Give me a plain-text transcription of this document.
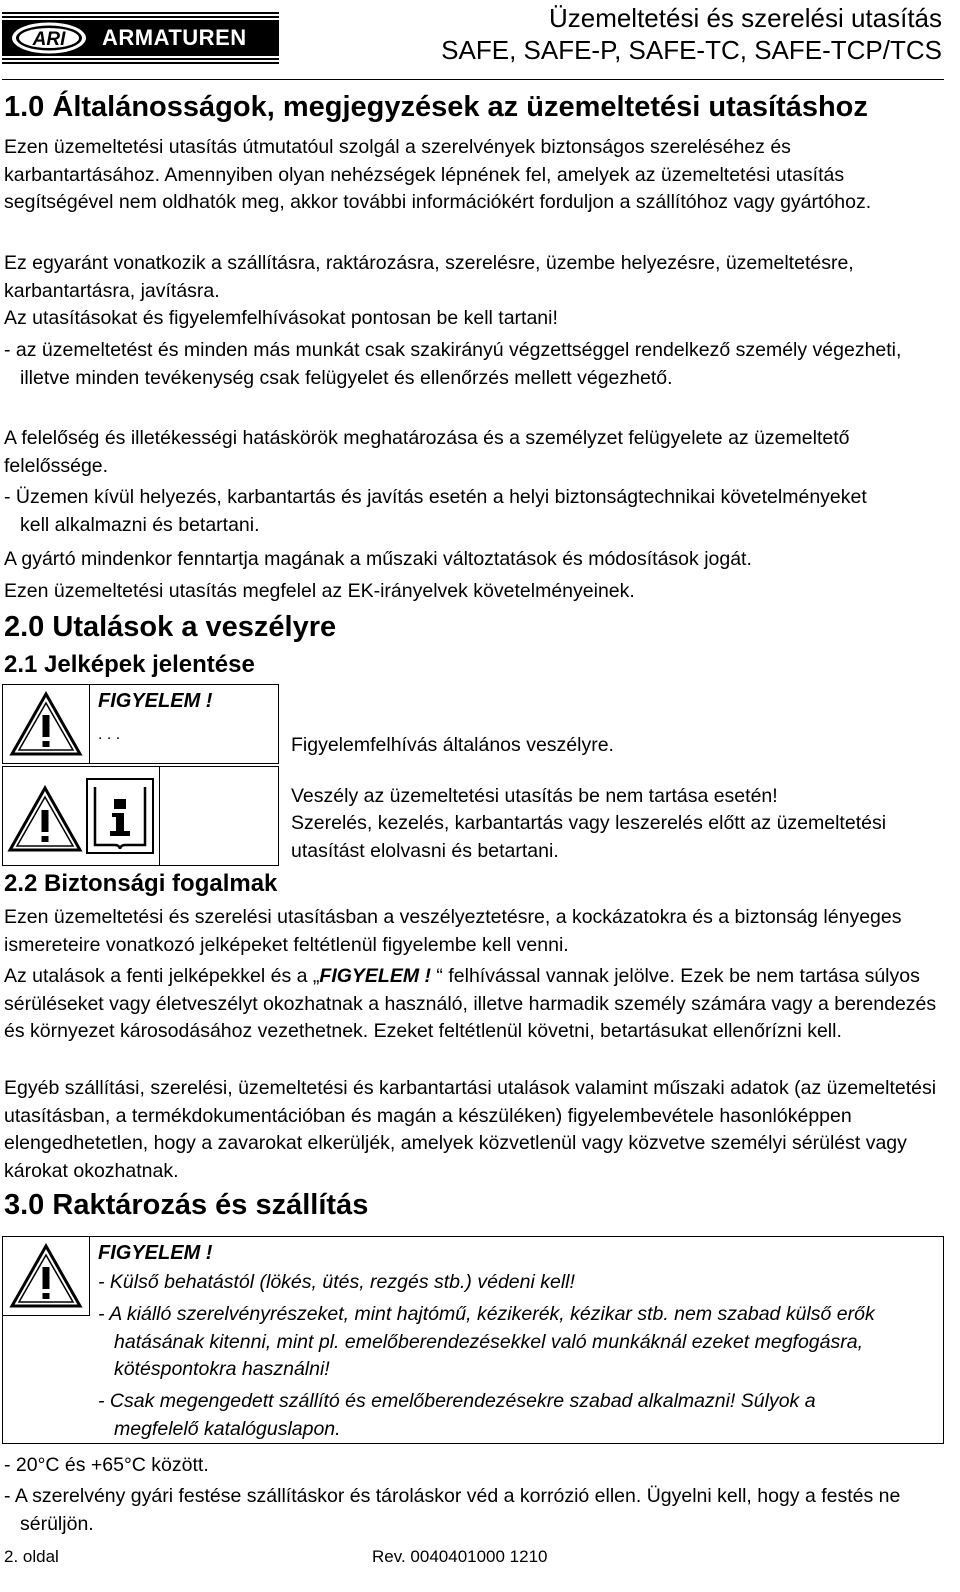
ARI ARMATUREN
Üzemeltetési és szerelési utasítás
SAFE, SAFE-P, SAFE-TC, SAFE-TCP/TCS
1.0 Általánosságok, megjegyzések az üzemeltetési utasításhoz

Ezen üzemeltetési utasítás útmutatóul szolgál a szerelvények biztonságos szereléséhez és karbantartásához. Amennyiben olyan nehézségek lépnének fel, amelyek az üzemeltetési utasítás segítségével nem oldhatók meg, akkor további információkért forduljon a szállítóhoz vagy gyártóhoz.

Ez egyaránt vonatkozik a szállításra, raktározásra, szerelésre, üzembe helyezésre, üzemeltetésre, karbantartásra, javításra.

Az utasításokat és figyelemfelhívásokat pontosan be kell tartani!

- az üzemeltetést és minden más munkát csak szakirányú végzettséggel rendelkező személy végezheti, illetve minden tevékenység csak felügyelet és ellenőrzés mellett végezhető.

A felelőség és illetékességi hatáskörök meghatározása és a személyzet felügyelete az üzemeltető felelőssége.

- Üzemen kívül helyezés, karbantartás és javítás esetén a helyi biztonságtechnikai követelményeket kell alkalmazni és betartani.

A gyártó mindenkor fenntartja magának a műszaki változtatások és módosítások jogát.

Ezen üzemeltetési utasítás megfelel az EK-irányelvek követelményeinek.

2.0 Utalások a veszélyre
2.1 Jelképek jelentése
FIGYELEM !
. . .	Figyelemfelhívás általános veszélyre.
Veszély az üzemeltetési utasítás be nem tartása esetén!
Szerelés, kezelés, karbantartás vagy leszerelés előtt az üzemeltetési utasítást elolvasni és betartani.
2.2 Biztonsági fogalmak

Ezen üzemeltetési és szerelési utasításban a veszélyeztetésre, a kockázatokra és a biztonság lényeges ismereteire vonatkozó jelképeket feltétlenül figyelembe kell venni.

Az utalások a fenti jelképekkel és a „FIGYELEM ! “ felhívással vannak jelölve. Ezek be nem tartása súlyos sérüléseket vagy életveszélyt okozhatnak a használó, illetve harmadik személy számára vagy a berendezés és környezet károsodásához vezethetnek. Ezeket feltétlenül követni, betartásukat ellenőrízni kell.

Egyéb szállítási, szerelési, üzemeltetési és karbantartási utalások valamint műszaki adatok (az üzemeltetési utasításban, a termékdokumentációban és magán a készüléken) figyelembevétele hasonlóképpen elengedhetetlen, hogy a zavarokat elkerüljék, amelyek közvetlenül vagy közvetve személyi sérülést vagy károkat okozhatnak.

3.0 Raktározás és szállítás
FIGYELEM !
- Külső behatástól (lökés, ütés, rezgés stb.) védeni kell!
- A kiálló szerelvényrészeket, mint hajtómű, kézikerék, kézikar stb. nem szabad külső erők hatásának kitenni, mint pl. emelőberendezésekkel való munkáknál ezeket megfogásra, kötéspontokra használni!
- Csak megengedett szállító és emelőberendezésekre szabad alkalmazni! Súlyok a megfelelő katalóguslapon.

- 20°C és +65°C között.

- A szerelvény gyári festése szállításkor és tároláskor véd a korrózió ellen. Ügyelni kell, hogy a festés ne sérüljön.

2. oldal	Rev. 0040401000 1210
